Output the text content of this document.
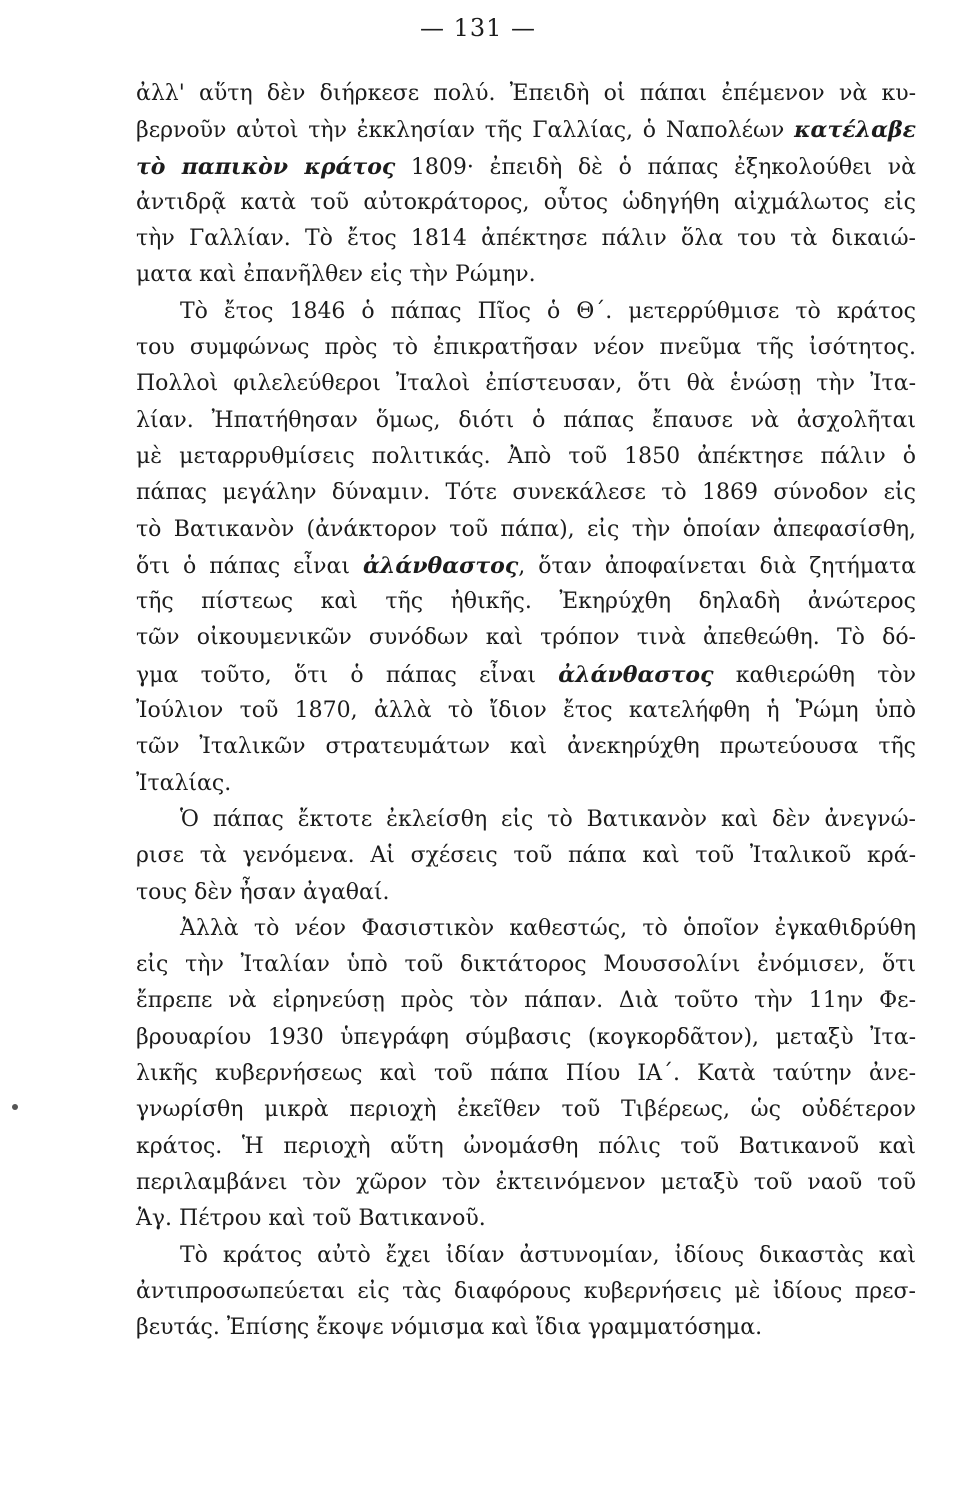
— 131 —
ἀλλ' αὕτη δὲν διήρκεσε πολύ. Ἐπειδὴ οἱ πάπαι ἐπέμενον νὰ κυ-
βερνοῦν αὐτοὶ τὴν ἐκκλησίαν τῆς Γαλλίας, ὁ Ναπολέων κατέλαβε
τὸ παπικὸν κράτος 1809· ἐπειδὴ δὲ ὁ πάπας ἐξηκολούθει νὰ
ἀντιδρᾷ κατὰ τοῦ αὐτοκράτορος, οὗτος ὡδηγήθη αἰχμάλωτος εἰς
τὴν Γαλλίαν. Τὸ ἔτος 1814 ἀπέκτησε πάλιν ὅλα του τὰ δικαιώ-
ματα καὶ ἐπανῆλθεν εἰς τὴν Ρώμην.
Τὸ ἔτος 1846 ὁ πάπας Πῖος ὁ Θ΄. μετερρύθμισε τὸ κράτος
του συμφώνως πρὸς τὸ ἐπικρατῆσαν νέον πνεῦμα τῆς ἰσότητος.
Πολλοὶ φιλελεύθεροι Ἰταλοὶ ἐπίστευσαν, ὅτι θὰ ἑνώσῃ τὴν Ἰτα-
λίαν. Ἠπατήθησαν ὅμως, διότι ὁ πάπας ἔπαυσε νὰ ἀσχολῆται
μὲ μεταρρυθμίσεις πολιτικάς. Ἀπὸ τοῦ 1850 ἀπέκτησε πάλιν ὁ
πάπας μεγάλην δύναμιν. Τότε συνεκάλεσε τὸ 1869 σύνοδον εἰς
τὸ Βατικανὸν (ἀνάκτορον τοῦ πάπα), εἰς τὴν ὁποίαν ἀπεφασίσθη,
ὅτι ὁ πάπας εἶναι ἀλάνθαστος, ὅταν ἀποφαίνεται διὰ ζητήματα
τῆς πίστεως καὶ τῆς ἠθικῆς. Ἐκηρύχθη δηλαδὴ ἀνώτερος
τῶν οἰκουμενικῶν συνόδων καὶ τρόπον τινὰ ἀπεθεώθη. Τὸ δό-
γμα τοῦτο, ὅτι ὁ πάπας εἶναι ἀλάνθαστος καθιερώθη τὸν
Ἰούλιον τοῦ 1870, ἀλλὰ τὸ ἴδιον ἔτος κατελήφθη ἡ Ῥώμη ὑπὸ
τῶν Ἰταλικῶν στρατευμάτων καὶ ἀνεκηρύχθη πρωτεύουσα τῆς
Ἰταλίας.
Ὁ πάπας ἔκτοτε ἐκλείσθη εἰς τὸ Βατικανὸν καὶ δὲν ἀνεγνώ-
ρισε τὰ γενόμενα. Αἱ σχέσεις τοῦ πάπα καὶ τοῦ Ἰταλικοῦ κρά-
τους δὲν ἦσαν ἀγαθαί.
Ἀλλὰ τὸ νέον Φασιστικὸν καθεστώς, τὸ ὁποῖον ἐγκαθιδρύθη
εἰς τὴν Ἰταλίαν ὑπὸ τοῦ δικτάτορος Μουσσολίνι ἐνόμισεν, ὅτι
ἔπρεπε νὰ εἰρηνεύσῃ πρὸς τὸν πάπαν. Διὰ τοῦτο τὴν 11ην Φε-
βρουαρίου 1930 ὑπεγράφη σύμβασις (κογκορδᾶτον), μεταξὺ Ἰτα-
λικῆς κυβερνήσεως καὶ τοῦ πάπα Πίου ΙΑ΄. Κατὰ ταύτην ἀνε-
γνωρίσθη μικρὰ περιοχὴ ἐκεῖθεν τοῦ Τιβέρεως, ὡς οὐδέτερον
κράτος. Ἡ περιοχὴ αὕτη ὠνομάσθη πόλις τοῦ Βατικανοῦ καὶ
περιλαμβάνει τὸν χῶρον τὸν ἐκτεινόμενον μεταξὺ τοῦ ναοῦ τοῦ
Ἁγ. Πέτρου καὶ τοῦ Βατικανοῦ.
Τὸ κράτος αὐτὸ ἔχει ἰδίαν ἀστυνομίαν, ἰδίους δικαστὰς καὶ
ἀντιπροσωπεύεται εἰς τὰς διαφόρους κυβερνήσεις μὲ ἰδίους πρεσ-
βευτάς. Ἐπίσης ἔκοψε νόμισμα καὶ ἴδια γραμματόσημα.
